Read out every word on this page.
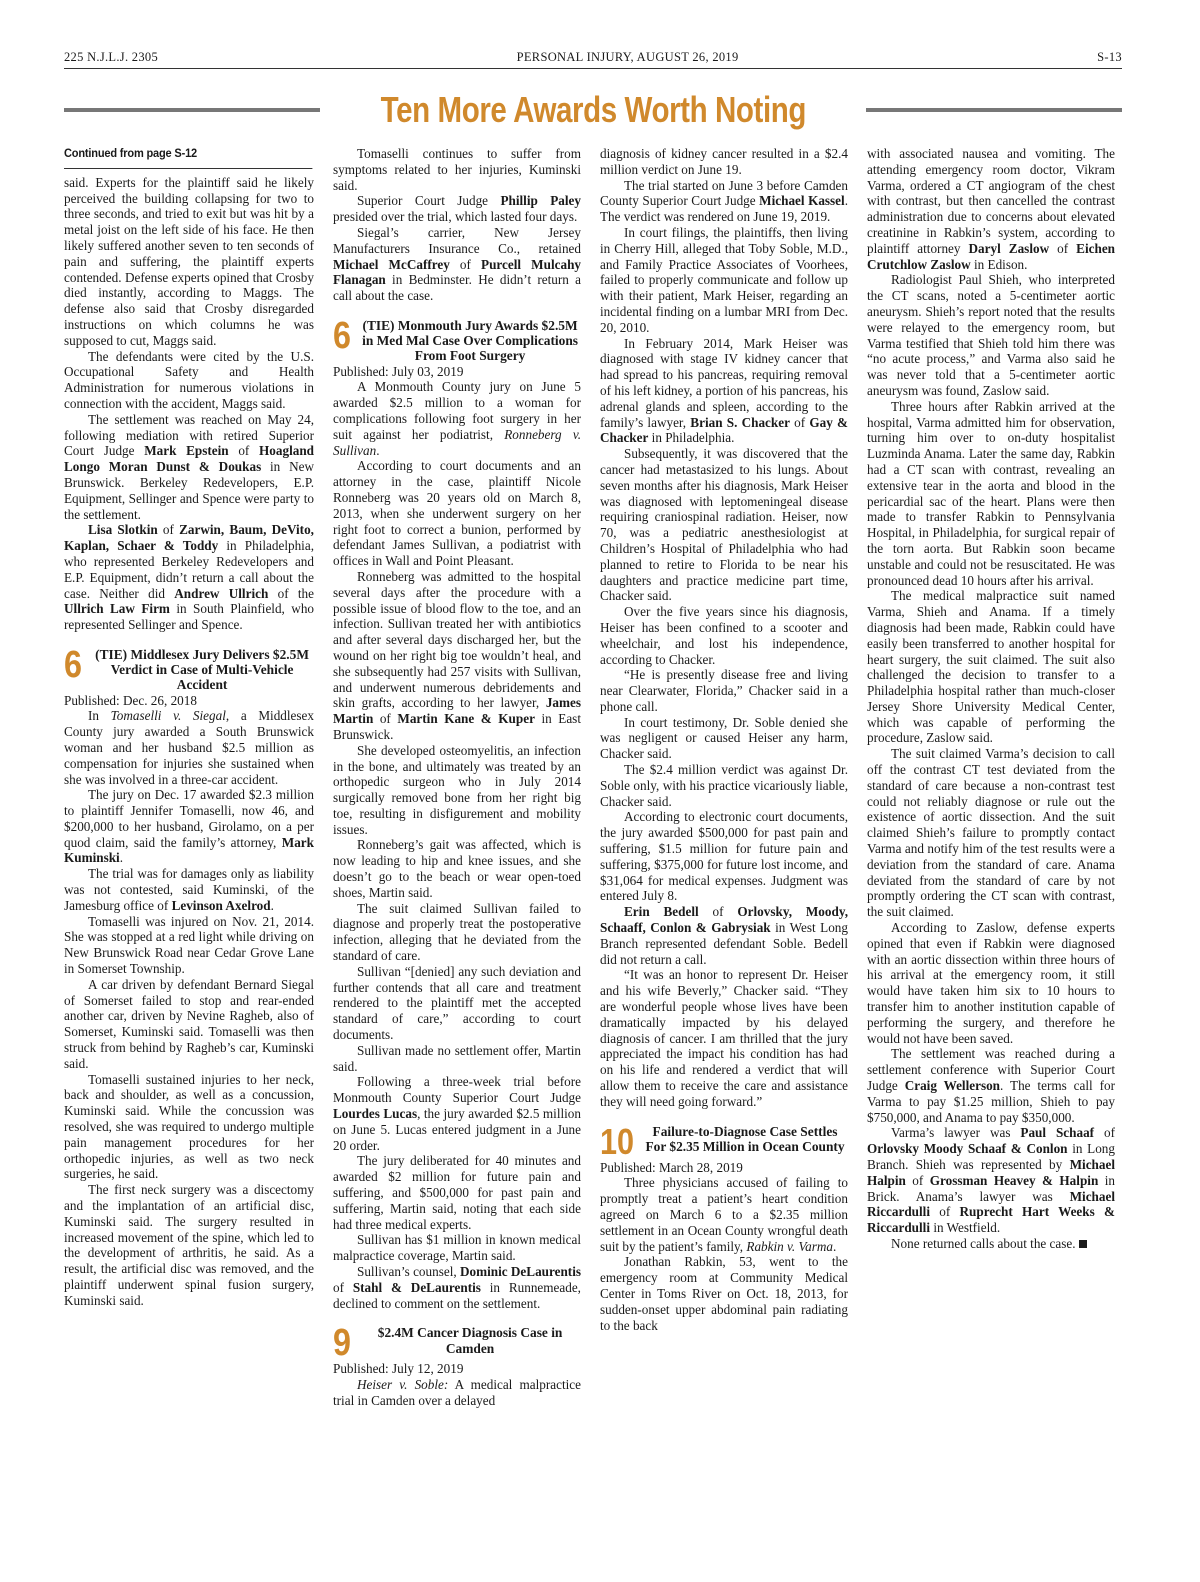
225 N.J.L.J. 2305	PERSONAL INJURY, AUGUST 26, 2019	S-13
Ten More Awards Worth Noting
Continued from page S-12

said. Experts for the plaintiff said he likely perceived the building collapsing for two to three seconds, and tried to exit but was hit by a metal joist on the left side of his face. He then likely suffered another seven to ten seconds of pain and suffering, the plaintiff experts contended. Defense experts opined that Crosby died instantly, according to Maggs. The defense also said that Crosby disregarded instructions on which columns he was supposed to cut, Maggs said.

The defendants were cited by the U.S. Occupational Safety and Health Administration for numerous violations in connection with the accident, Maggs said.

The settlement was reached on May 24, following mediation with retired Superior Court Judge Mark Epstein of Hoagland Longo Moran Dunst & Doukas in New Brunswick. Berkeley Redevelopers, E.P. Equipment, Sellinger and Spence were party to the settlement.

Lisa Slotkin of Zarwin, Baum, DeVito, Kaplan, Schaer & Toddy in Philadelphia, who represented Berkeley Redevelopers and E.P. Equipment, didn’t return a call about the case. Neither did Andrew Ullrich of the Ullrich Law Firm in South Plainfield, who represented Sellinger and Spence.

6 (TIE) Middlesex Jury Delivers $2.5M Verdict in Case of Multi-Vehicle Accident

Published: Dec. 26, 2018

In Tomaselli v. Siegal, a Middlesex County jury awarded a South Brunswick woman and her husband $2.5 million as compensation for injuries she sustained when she was involved in a three-car accident.

The jury on Dec. 17 awarded $2.3 million to plaintiff Jennifer Tomaselli, now 46, and $200,000 to her husband, Girolamo, on a per quod claim, said the family’s attorney, Mark Kuminski.

The trial was for damages only as liability was not contested, said Kuminski, of the Jamesburg office of Levinson Axelrod.

Tomaselli was injured on Nov. 21, 2014. She was stopped at a red light while driving on New Brunswick Road near Cedar Grove Lane in Somerset Township.

A car driven by defendant Bernard Siegal of Somerset failed to stop and rear-ended another car, driven by Nevine Ragheb, also of Somerset, Kuminski said. Tomaselli was then struck from behind by Ragheb’s car, Kuminski said.

Tomaselli sustained injuries to her neck, back and shoulder, as well as a concussion, Kuminski said. While the concussion was resolved, she was required to undergo multiple pain management procedures for her orthopedic injuries, as well as two neck surgeries, he said.

The first neck surgery was a discectomy and the implantation of an artificial disc, Kuminski said. The surgery resulted in increased movement of the spine, which led to the development of arthritis, he said. As a result, the artificial disc was removed, and the plaintiff underwent spinal fusion surgery, Kuminski said.

Tomaselli continues to suffer from symptoms related to her injuries, Kuminski said.

Superior Court Judge Phillip Paley presided over the trial, which lasted four days.

Siegal’s carrier, New Jersey Manufacturers Insurance Co., retained Michael McCaffrey of Purcell Mulcahy Flanagan in Bedminster. He didn’t return a call about the case.

6 (TIE) Monmouth Jury Awards $2.5M in Med Mal Case Over Complications From Foot Surgery

Published: July 03, 2019

A Monmouth County jury on June 5 awarded $2.5 million to a woman for complications following foot surgery in her suit against her podiatrist, Ronneberg v. Sullivan.

According to court documents and an attorney in the case, plaintiff Nicole Ronneberg was 20 years old on March 8, 2013, when she underwent surgery on her right foot to correct a bunion, performed by defendant James Sullivan, a podiatrist with offices in Wall and Point Pleasant.

Ronneberg was admitted to the hospital several days after the procedure with a possible issue of blood flow to the toe, and an infection. Sullivan treated her with antibiotics and after several days discharged her, but the wound on her right big toe wouldn’t heal, and she subsequently had 257 visits with Sullivan, and underwent numerous debridements and skin grafts, according to her lawyer, James Martin of Martin Kane & Kuper in East Brunswick.

She developed osteomyelitis, an infection in the bone, and ultimately was treated by an orthopedic surgeon who in July 2014 surgically removed bone from her right big toe, resulting in disfigurement and mobility issues.

Ronneberg’s gait was affected, which is now leading to hip and knee issues, and she doesn’t go to the beach or wear open-toed shoes, Martin said.

The suit claimed Sullivan failed to diagnose and properly treat the postoperative infection, alleging that he deviated from the standard of care.

Sullivan “[denied] any such deviation and further contends that all care and treatment rendered to the plaintiff met the accepted standard of care,” according to court documents.

Sullivan made no settlement offer, Martin said.

Following a three-week trial before Monmouth County Superior Court Judge Lourdes Lucas, the jury awarded $2.5 million on June 5. Lucas entered judgment in a June 20 order.

The jury deliberated for 40 minutes and awarded $2 million for future pain and suffering, and $500,000 for past pain and suffering, Martin said, noting that each side had three medical experts.

Sullivan has $1 million in known medical malpractice coverage, Martin said.

Sullivan’s counsel, Dominic DeLaurentis of Stahl & DeLaurentis in Runnemeade, declined to comment on the settlement.

9	$2.4M Cancer Diagnosis Case in Camden

Published: July 12, 2019

Heiser v. Soble: A medical malpractice trial in Camden over a delayed

diagnosis of kidney cancer resulted in a $2.4 million verdict on June 19.

The trial started on June 3 before Camden County Superior Court Judge Michael Kassel. The verdict was rendered on June 19, 2019.

In court filings, the plaintiffs, then living in Cherry Hill, alleged that Toby Soble, M.D., and Family Practice Associates of Voorhees, failed to properly communicate and follow up with their patient, Mark Heiser, regarding an incidental finding on a lumbar MRI from Dec. 20, 2010.

In February 2014, Mark Heiser was diagnosed with stage IV kidney cancer that had spread to his pancreas, requiring removal of his left kidney, a portion of his pancreas, his adrenal glands and spleen, according to the family’s lawyer, Brian S. Chacker of Gay & Chacker in Philadelphia.

Subsequently, it was discovered that the cancer had metastasized to his lungs. About seven months after his diagnosis, Mark Heiser was diagnosed with leptomeningeal disease requiring craniospinal radiation. Heiser, now 70, was a pediatric anesthesiologist at Children’s Hospital of Philadelphia who had planned to retire to Florida to be near his daughters and practice medicine part time, Chacker said.

Over the five years since his diagnosis, Heiser has been confined to a scooter and wheelchair, and lost his independence, according to Chacker.

“He is presently disease free and living near Clearwater, Florida,” Chacker said in a phone call.

In court testimony, Dr. Soble denied she was negligent or caused Heiser any harm, Chacker said.

The $2.4 million verdict was against Dr. Soble only, with his practice vicariously liable, Chacker said.

According to electronic court documents, the jury awarded $500,000 for past pain and suffering, $1.5 million for future pain and suffering, $375,000 for future lost income, and $31,064 for medical expenses. Judgment was entered July 8.

Erin Bedell of Orlovsky, Moody, Schaaff, Conlon & Gabrysiak in West Long Branch represented defendant Soble. Bedell did not return a call.

“It was an honor to represent Dr. Heiser and his wife Beverly,” Chacker said. “They are wonderful people whose lives have been dramatically impacted by his delayed diagnosis of cancer. I am thrilled that the jury appreciated the impact his condition has had on his life and rendered a verdict that will allow them to receive the care and assistance they will need going forward.”

10	Failure-to-Diagnose Case Settles For $2.35 Million in Ocean County

Published: March 28, 2019

Three physicians accused of failing to promptly treat a patient’s heart condition agreed on March 6 to a $2.35 million settlement in an Ocean County wrongful death suit by the patient’s family, Rabkin v. Varma.

Jonathan Rabkin, 53, went to the emergency room at Community Medical Center in Toms River on Oct. 18, 2013, for sudden-onset upper abdominal pain radiating to the back

with associated nausea and vomiting. The attending emergency room doctor, Vikram Varma, ordered a CT angiogram of the chest with contrast, but then cancelled the contrast administration due to concerns about elevated creatinine in Rabkin’s system, according to plaintiff attorney Daryl Zaslow of Eichen Crutchlow Zaslow in Edison.

Radiologist Paul Shieh, who interpreted the CT scans, noted a 5-centimeter aortic aneurysm. Shieh’s report noted that the results were relayed to the emergency room, but Varma testified that Shieh told him there was “no acute process,” and Varma also said he was never told that a 5-centimeter aortic aneurysm was found, Zaslow said.

Three hours after Rabkin arrived at the hospital, Varma admitted him for observation, turning him over to on-duty hospitalist Luzminda Anama. Later the same day, Rabkin had a CT scan with contrast, revealing an extensive tear in the aorta and blood in the pericardial sac of the heart. Plans were then made to transfer Rabkin to Pennsylvania Hospital, in Philadelphia, for surgical repair of the torn aorta. But Rabkin soon became unstable and could not be resuscitated. He was pronounced dead 10 hours after his arrival.

The medical malpractice suit named Varma, Shieh and Anama. If a timely diagnosis had been made, Rabkin could have easily been transferred to another hospital for heart surgery, the suit claimed. The suit also challenged the decision to transfer to a Philadelphia hospital rather than much-closer Jersey Shore University Medical Center, which was capable of performing the procedure, Zaslow said.

The suit claimed Varma’s decision to call off the contrast CT test deviated from the standard of care because a non-contrast test could not reliably diagnose or rule out the existence of aortic dissection. And the suit claimed Shieh’s failure to promptly contact Varma and notify him of the test results were a deviation from the standard of care. Anama deviated from the standard of care by not promptly ordering the CT scan with contrast, the suit claimed.

According to Zaslow, defense experts opined that even if Rabkin were diagnosed with an aortic dissection within three hours of his arrival at the emergency room, it still would have taken him six to 10 hours to transfer him to another institution capable of performing the surgery, and therefore he would not have been saved.

The settlement was reached during a settlement conference with Superior Court Judge Craig Wellerson. The terms call for Varma to pay $1.25 million, Shieh to pay $750,000, and Anama to pay $350,000.

Varma’s lawyer was Paul Schaaf of Orlovsky Moody Schaaf & Conlon in Long Branch. Shieh was represented by Michael Halpin of Grossman Heavey & Halpin in Brick. Anama’s lawyer was Michael Riccardulli of Ruprecht Hart Weeks & Riccardulli in Westfield.

None returned calls about the case.
